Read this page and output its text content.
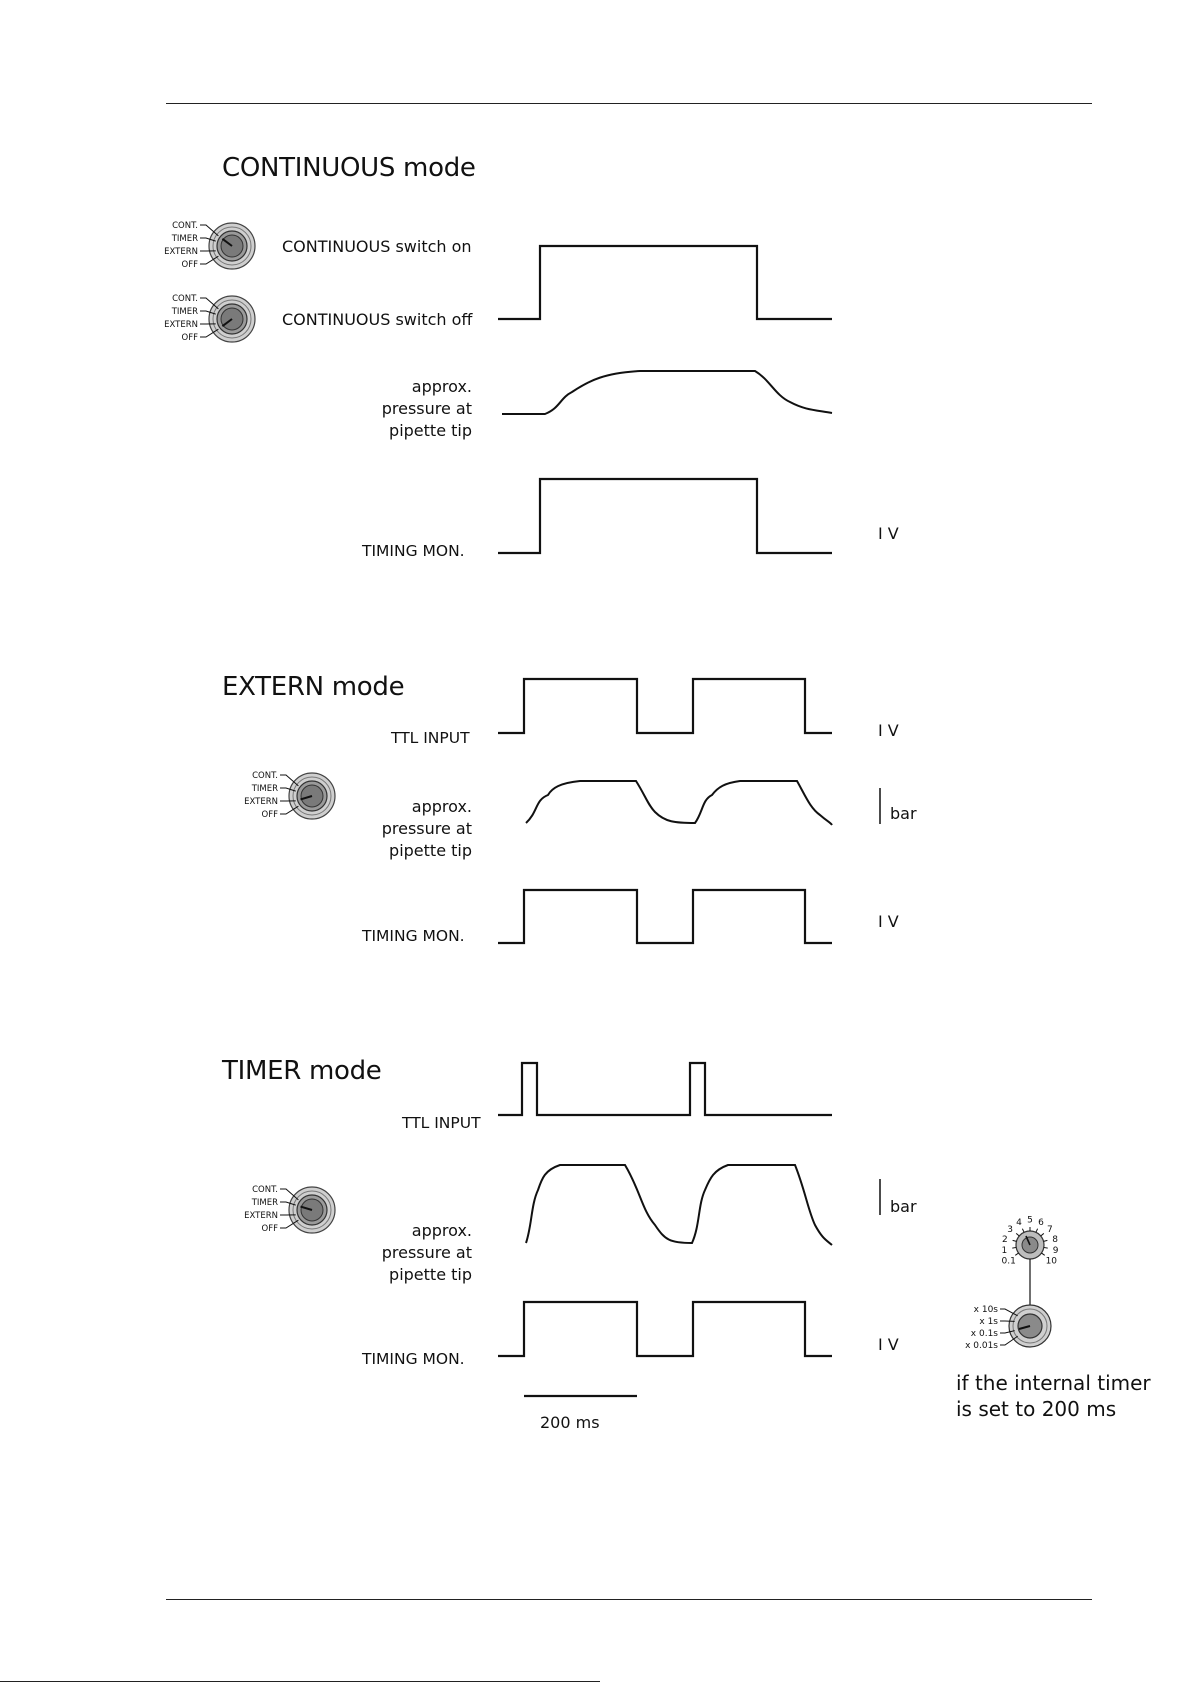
CONTINUOUS mode
CONT.
TIMER
EXTERN
OFF
CONT.
TIMER
EXTERN
OFF
CONTINUOUS switch on
CONTINUOUS switch off
approx.
pressure at
pipette tip
TIMING MON.
I V
EXTERN mode
TTL INPUT	I V
CONT.
TIMER
EXTERN
OFF	approx.
pressure at
pipette tip
bar
TIMING MON.
I V
TIMER mode
TTL INPUT
CONT.
TIMER
EXTERN
OFF	approx.
pressure at
pipette tip
bar
TIMING MON.
I V
200 ms
0.1
1
2
3
4 5 6
7
8
9
10
x 10s
x 1s
x 0.1s
x 0.01s
if the internal timer
is set to 200 ms
